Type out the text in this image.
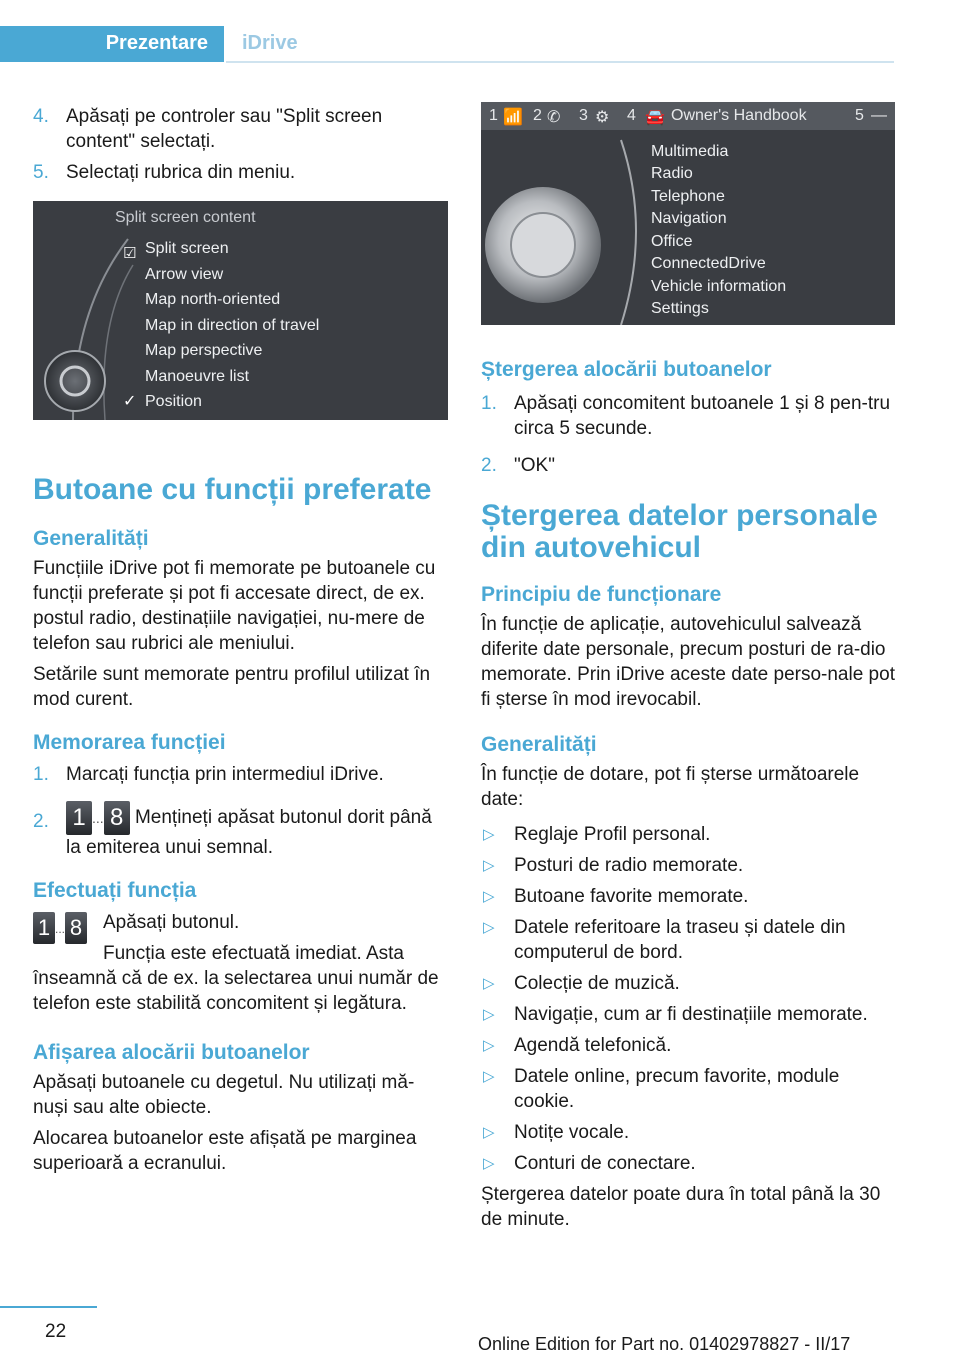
Prezentare iDrive
4. Apăsați pe controler sau "Split screen content" selectați.
5. Selectați rubrica din meniu.
Split screen content
☑ Split screen
Arrow view
Map north-oriented
Map in direction of travel
Map perspective
Manoeuvre list
✓ Position
Butoane cu funcții preferate
Generalități

Funcțiile iDrive pot fi memorate pe butoanele cu funcții preferate și pot fi accesate direct, de ex. postul radio, destinațiile navigației, nu‐mere de telefon sau rubrici ale meniului.

Setările sunt memorate pentru profilul utilizat în mod curent.

Memorarea funcției
1. Marcați funcția prin intermediul iDrive.
2. 1 ... 8 Mențineți apăsat butonul dorit până la emiterea unui semnal.
Efectuați funcția
1 ... 8 Apăsați butonul.

Funcția este efectuată imediat. Asta înseamnă că de ex. la selectarea unui număr de telefon este stabilită concomitent și legătura.

Afișarea alocării butoanelor

Apăsați butoanele cu degetul. Nu utilizați mă‐nuși sau alte obiecte.

Alocarea butoanelor este afișată pe marginea superioară a ecranului.

1 📶 2 ✆ 3 ⚙ 4 🚘 Owner's Handbook	5 —
Multimedia
Radio
Telephone
Navigation
Office
ConnectedDrive
Vehicle information
Settings
Ștergerea alocării butoanelor
1. Apăsați concomitent butoanele 1 și 8 pen‐tru circa 5 secunde.
2. "OK"
Ștergerea datelor personale din autovehicul
Principiu de funcționare

În funcție de aplicație, autovehiculul salvează diferite date personale, precum posturi de ra‐dio memorate. Prin iDrive aceste date perso‐nale pot fi șterse în mod irevocabil.

Generalități

În funcție de dotare, pot fi șterse următoarele date:

▷ Reglaje Profil personal.
▷ Posturi de radio memorate.
▷ Butoane favorite memorate.
▷ Datele referitoare la traseu și datele din computerul de bord.
▷ Colecție de muzică.
▷ Navigație, cum ar fi destinațiile memorate.
▷ Agendă telefonică.
▷ Datele online, precum favorite, module cookie.
▷ Notițe vocale.
▷ Conturi de conectare.

Ștergerea datelor poate dura în total până la 30 de minute.

22
Online Edition for Part no. 01402978827 - II/17
